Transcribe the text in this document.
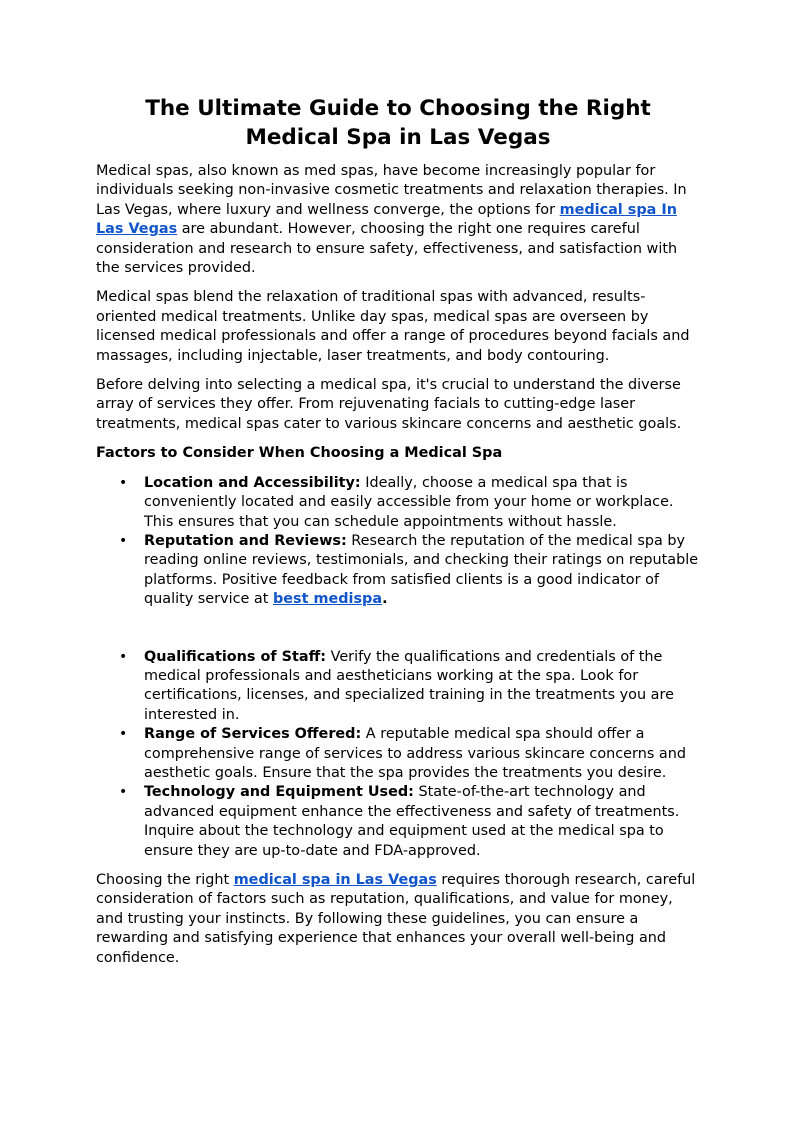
The Ultimate Guide to Choosing the Right Medical Spa in Las Vegas

Medical spas, also known as med spas, have become increasingly popular for individuals seeking non-invasive cosmetic treatments and relaxation therapies. In Las Vegas, where luxury and wellness converge, the options for medical spa In Las Vegas are abundant. However, choosing the right one requires careful consideration and research to ensure safety, effectiveness, and satisfaction with the services provided.

Medical spas blend the relaxation of traditional spas with advanced, results-oriented medical treatments. Unlike day spas, medical spas are overseen by licensed medical professionals and offer a range of procedures beyond facials and massages, including injectable, laser treatments, and body contouring.

Before delving into selecting a medical spa, it's crucial to understand the diverse array of services they offer. From rejuvenating facials to cutting-edge laser treatments, medical spas cater to various skincare concerns and aesthetic goals.

Factors to Consider When Choosing a Medical Spa

• Location and Accessibility: Ideally, choose a medical spa that is conveniently located and easily accessible from your home or workplace. This ensures that you can schedule appointments without hassle.
• Reputation and Reviews: Research the reputation of the medical spa by reading online reviews, testimonials, and checking their ratings on reputable platforms. Positive feedback from satisfied clients is a good indicator of quality service at best medispa.
• Qualifications of Staff: Verify the qualifications and credentials of the medical professionals and aestheticians working at the spa. Look for certifications, licenses, and specialized training in the treatments you are interested in.
• Range of Services Offered: A reputable medical spa should offer a comprehensive range of services to address various skincare concerns and aesthetic goals. Ensure that the spa provides the treatments you desire.
• Technology and Equipment Used: State-of-the-art technology and advanced equipment enhance the effectiveness and safety of treatments. Inquire about the technology and equipment used at the medical spa to ensure they are up-to-date and FDA-approved.

Choosing the right medical spa in Las Vegas requires thorough research, careful consideration of factors such as reputation, qualifications, and value for money, and trusting your instincts. By following these guidelines, you can ensure a rewarding and satisfying experience that enhances your overall well-being and confidence.
